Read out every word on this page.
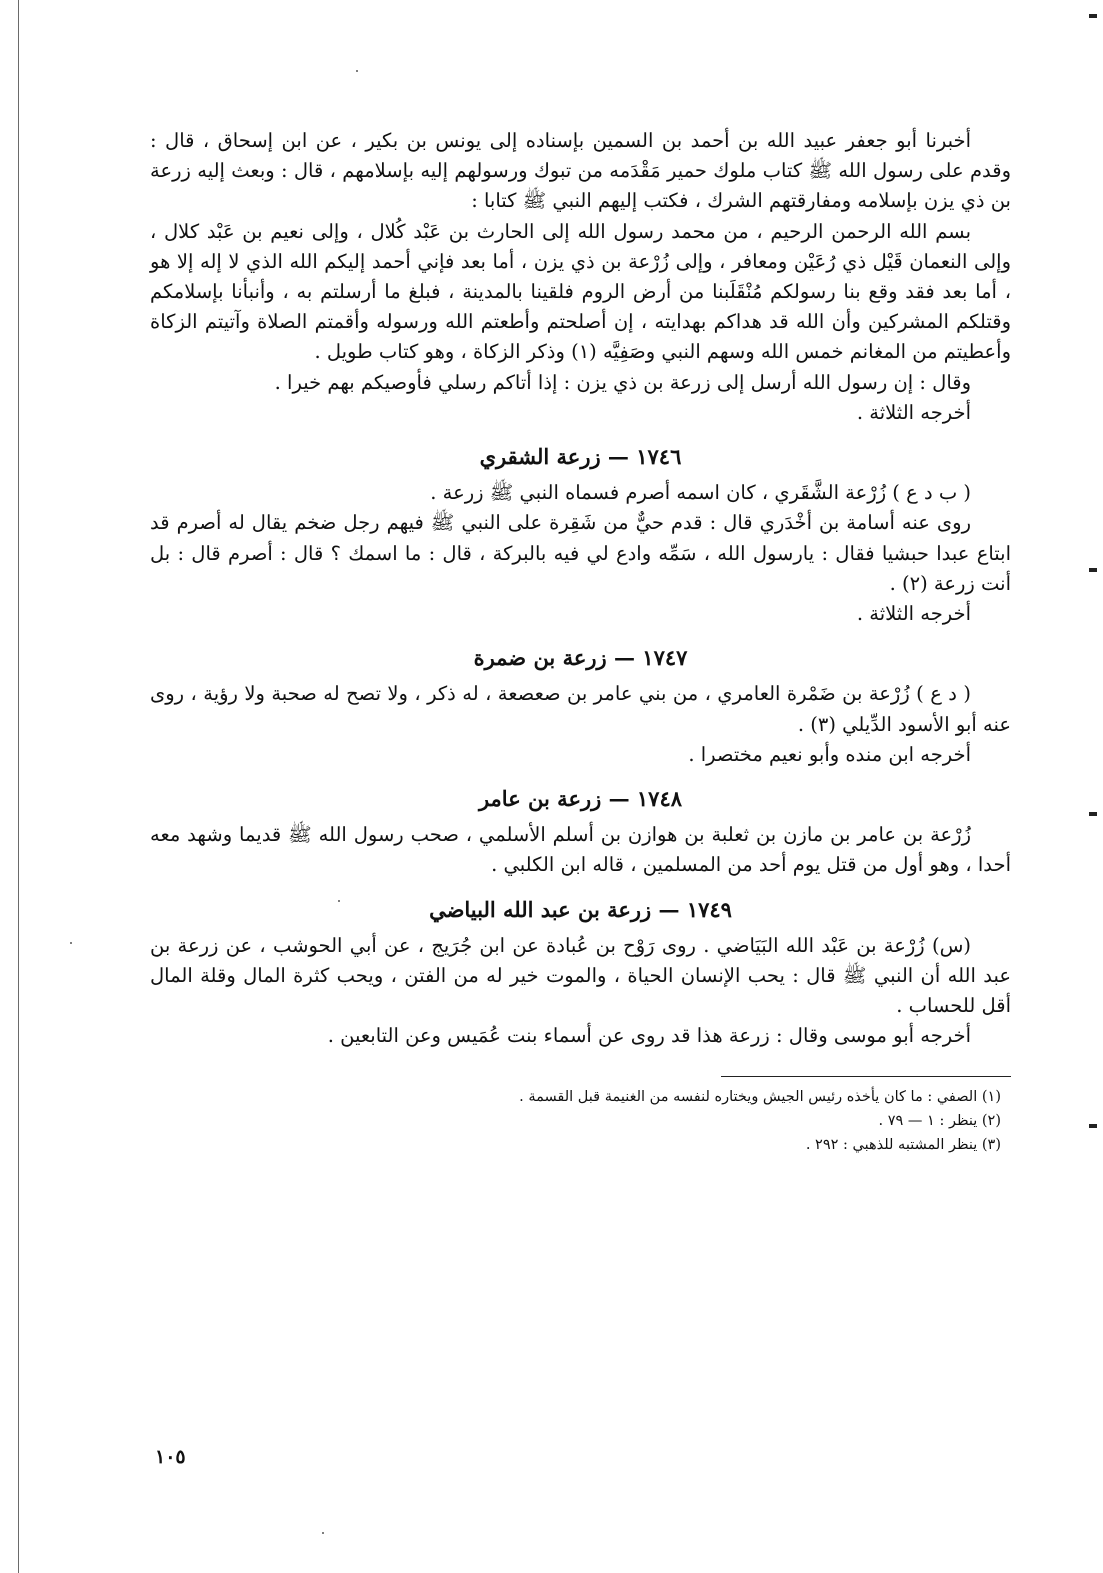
أخبرنا أبو جعفر عبيد الله بن أحمد بن السمين بإسناده إلى يونس بن بكير ، عن ابن إسحاق ، قال : وقدم على رسول الله ﷺ كتاب ملوك حمير مَقْدَمه من تبوك ورسولهم إليه بإسلامهم ، قال : وبعث إليه زرعة بن ذي يزن بإسلامه ومفارقتهم الشرك ، فكتب إليهم النبي ﷺ كتابا :

بسم الله الرحمن الرحيم ، من محمد رسول الله إلى الحارث بن عَبْد كُلال ، وإلى نعيم بن عَبْد كلال ، وإلى النعمان قَيْل ذي رُعَيْن ومعافر ، وإلى زُرْعة بن ذي يزن ، أما بعد فإني أحمد إليكم الله الذي لا إله إلا هو ، أما بعد فقد وقع بنا رسولكم مُنْقَلَبنا من أرض الروم فلقينا بالمدينة ، فبلغ ما أرسلتم به ، وأنبأنا بإسلامكم وقتلكم المشركين وأن الله قد هداكم بهدايته ، إن أصلحتم وأطعتم الله ورسوله وأقمتم الصلاة وآتيتم الزكاة وأعطيتم من المغانم خمس الله وسهم النبي وصَفِيَّه (١) وذكر الزكاة ، وهو كتاب طويل .

وقال : إن رسول الله أرسل إلى زرعة بن ذي يزن : إذا أتاكم رسلي فأوصيكم بهم خيرا .

أخرجه الثلاثة .

١٧٤٦ — زرعة الشقري

( ب د ع ) زُرْعة الشَّقَري ، كان اسمه أصرم فسماه النبي ﷺ زرعة .

روى عنه أسامة بن أخْدَري قال : قدم حيٌّ من شَقِرة على النبي ﷺ فيهم رجل ضخم يقال له أصرم قد ابتاع عبدا حبشيا فقال : يارسول الله ، سَمِّه وادع لي فيه بالبركة ، قال : ما اسمك ؟ قال : أصرم قال : بل أنت زرعة (٢) .

أخرجه الثلاثة .

١٧٤٧ — زرعة بن ضمرة

( د ع ) زُرْعة بن ضَمْرة العامري ، من بني عامر بن صعصعة ، له ذكر ، ولا تصح له صحبة ولا رؤية ، روى عنه أبو الأسود الدِّيلي (٣) .

أخرجه ابن منده وأبو نعيم مختصرا .

١٧٤٨ — زرعة بن عامر

زُرْعة بن عامر بن مازن بن ثعلبة بن هوازن بن أسلم الأسلمي ، صحب رسول الله ﷺ قديما وشهد معه أحدا ، وهو أول من قتل يوم أحد من المسلمين ، قاله ابن الكلبي .

١٧٤٩ — زرعة بن عبد الله البياضي

(س) زُرْعة بن عَبْد الله البَيَاضي . روى رَوْح بن عُبادة عن ابن جُرَيج ، عن أبي الحوشب ، عن زرعة بن عبد الله أن النبي ﷺ قال : يحب الإنسان الحياة ، والموت خير له من الفتن ، ويحب كثرة المال وقلة المال أقل للحساب .

أخرجه أبو موسى وقال : زرعة هذا قد روى عن أسماء بنت عُمَيس وعن التابعين .

(١) الصفي : ما كان يأخذه رئيس الجيش ويختاره لنفسه من الغنيمة قبل القسمة .

(٢) ينظر : ١ — ٧٩ .

(٣) ينظر المشتبه للذهبي : ٢٩٢ .

١٠٥
